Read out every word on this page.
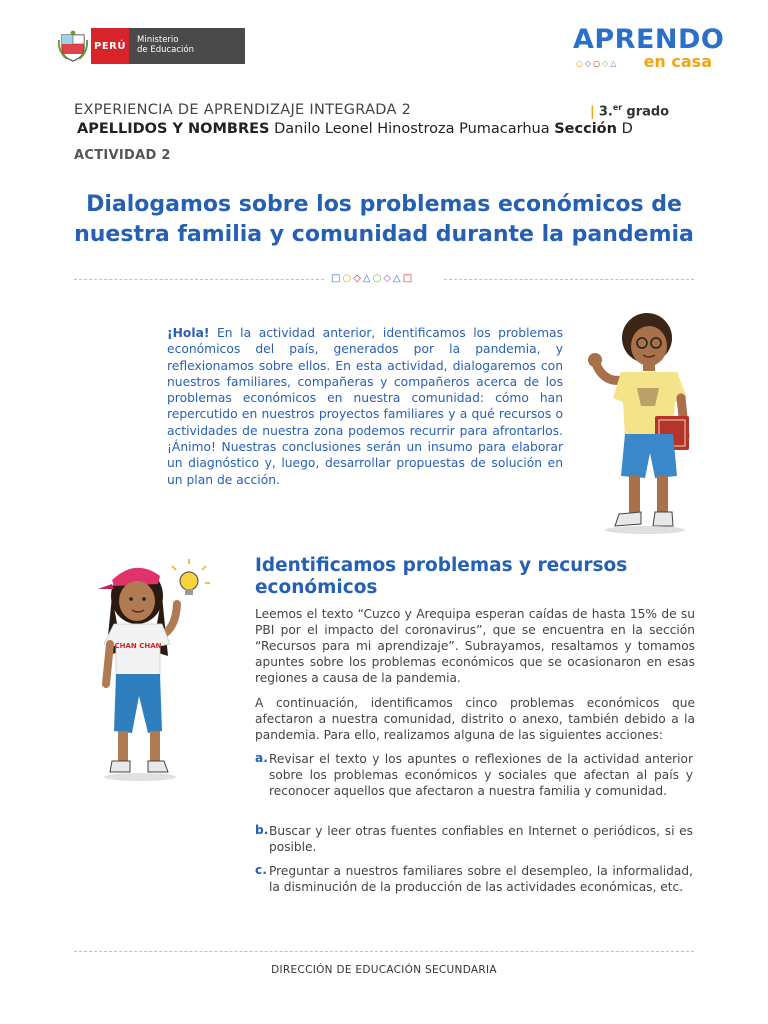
PERÚ
Ministerio
de Educación	APRENDO
○◇○◇△ en casa
EXPERIENCIA DE APRENDIZAJE INTEGRADA 2	| 3.$^{er}$ grado
APELLIDOS Y NOMBRES Danilo Leonel Hinostroza Pumacarhua Sección D
ACTIVIDAD 2
Dialogamos sobre los problemas económicos de nuestra familia y comunidad durante la pandemia
□○◇△○◇△□
¡Hola! En la actividad anterior, identificamos los problemas económicos del país, generados por la pandemia, y reflexionamos sobre ellos. En esta actividad, dialogaremos con nuestros familiares, compañeras y compañeros acerca de los problemas económicos en nuestra comunidad: cómo han repercutido en nuestros proyectos familiares y a qué recursos o actividades de nuestra zona podemos recurrir para afrontarlos. ¡Ánimo! Nuestras conclusiones serán un insumo para elaborar un diagnóstico y, luego, desarrollar propuestas de solución en un plan de acción.
CHAN CHAN
Identificamos problemas y recursos económicos
Leemos el texto “Cuzco y Arequipa esperan caídas de hasta 15% de su PBI por el impacto del coronavirus”, que se encuentra en la sección “Recursos para mi aprendizaje”. Subrayamos, resaltamos y tomamos apuntes sobre los problemas económicos que se ocasionaron en esas regiones a causa de la pandemia.
A continuación, identificamos cinco problemas económicos que afectaron a nuestra comunidad, distrito o anexo, también debido a la pandemia. Para ello, realizamos alguna de las siguientes acciones:
a. Revisar el texto y los apuntes o reflexiones de la actividad anterior sobre los problemas económicos y sociales que afectan al país y reconocer aquellos que afectaron a nuestra familia y comunidad.
b. Buscar y leer otras fuentes confiables en Internet o periódicos, si es posible.
c. Preguntar a nuestros familiares sobre el desempleo, la informalidad, la disminución de la producción de las actividades económicas, etc.
DIRECCIÓN DE EDUCACIÓN SECUNDARIA
